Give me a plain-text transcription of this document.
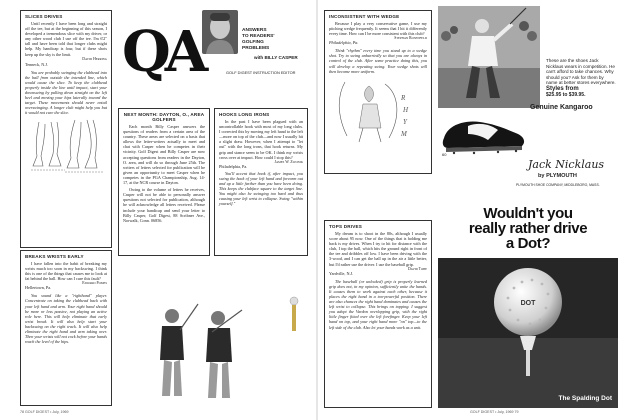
SLICES DRIVES
Until recently I have been long and straight off the tee, but at the beginning of this season, I developed a tremendous slice with my driver, or any other wood club I use off the tee. I'm 6'2" tall and have been told that longer clubs might help. My handicap is four, but if these shots keep up the sky is the limit.
David Herring
Tenneck, N.J.
You are probably swinging the clubhead into the ball from outside the intended line, which would cause the slice. To keep the clubhead properly inside the line until impact, start your downswing by pulling down straight on the left heel and moving your hips laterally toward the target. These movements should never entail overswinging. A longer club might help you but it would not cure the slice.
QA	ANSWERS
TO READERS'
GOLFING
PROBLEMS
with BILLY CASPER
GOLF DIGEST INSTRUCTION EDITOR
NEXT MONTH: DAYTON, O., AREA GOLFERS
Each month Billy Casper answers the questions of readers from a certain area of the country. These areas are selected on a basis that allows the letter-writers actually to meet and chat with Casper when he competes in their vicinity. Golf Digest and Billy Casper are now accepting questions from readers in the Dayton, O. area, and will do so through June 25th. The writers of letters selected for publication will be given an opportunity to meet Casper when he competes in the PGA Championship, Aug. 14-17, at the NCR course in Dayton.
Owing to the volume of letters he receives, Casper will not be able to personally answer questions not selected for publication, although he will acknowledge all letters received. Please include your handicap and send your letter to Billy Casper, Golf Digest, 88 Scribner Ave., Norwalk, Conn. 06856.
HOOKS LONG IRONS
In the past I have been plagued with an uncontrollable hook with most of my long clubs. I corrected this by moving my left hand to the left—more on top of the club—and now I usually hit a slight draw. However, when I attempt to "let out" with the long irons, that hook returns. My grip and stance seem to be OK. I think my wrists cross over at impact. How could I stop this?
James W. Zwonik
Philadelphia, Pa.
You'll accent that hook if, after impact, you swing the back of your left hand and forearm out and up a little farther than you have been doing. This keeps the clubface square to the target line. You might also be swinging too hard and thus causing your left wrist to collapse. Swing "within yourself."
BREAKS WRISTS EARLY
I have fallen into the habit of breaking my wrists much too soon in my backswing. I think this is one of the things that causes me to look at fat behind the ball. How can I cure this fault?
Edward Pomes
Hellertown, Pa.
You sound like a "righthand" player. Concentrate on taking the clubhead back with your left hand and arm. Your right hand should be more or less passive, not playing an active role here. This will help eliminate that early wrist break. It will also help start your backswing on the right track. It will also help eliminate the right hand and arm taking over. Then your wrists will not cock before your hands reach the level of the hips.
78 GOLF DIGEST • July, 1969
INCONSISTENT WITH WEDGE
Because I play a very conservative game, I use my pitching wedge frequently. It seems that I hit it differently every time. How can I be more consistent with this club?
Stephan Rosenfeld
Philadelphia, Pa.
Think "rhythm" every time you stand up to a wedge shot. Try to swing unhurriedly so that you are always in control of the club. After some practice doing this, you will develop a repeating swing. Your wedge shots will then become more uniform.
R
H
Y
M
TOPS DRIVES
My dream is to shoot in the 80s, although I usually score about 95 now. One of the things that is holding me back is my drives. When I try to hit for distance with the club, I top the ball, which hits the ground right in front of the tee and dribbles off low. I have been driving with the 3-wood, and I can get the ball up in the air a little better, but I'd rather use the driver. I use the baseball grip.
David Tobe
Yardville, N.J.
The baseball (or unlocked) grip is properly learned grip does not, in my opinion, sufficiently unite the hands. It causes them to work against each other, because it places the right hand in a too-powerful position. There are also chances the right hand dominates and causes the left wrist to collapse. This brings on topping. I suggest you adopt the Vardon overlapping grip, with the right little finger fitted over the left forefinger. Keep your left hand on top, and your right hand more "on" top—to the left side of the club. Also let your hands work as a unit.
These are the shoes Jack Nicklaus wears in competition. He can't afford to take chances. Why should you? Ask for them by name at better stores everywhere.
Styles from
$25.95 to $39.95.
60
Genuine Kangaroo
Jack Nicklaus
by PLYMOUTH
PLYMOUTH SHOE COMPANY, MIDDLEBORO, MASS.
Wouldn't you
really rather drive
a Dot?
DOT
The Spalding Dot
GOLF DIGEST • July, 1969 79
